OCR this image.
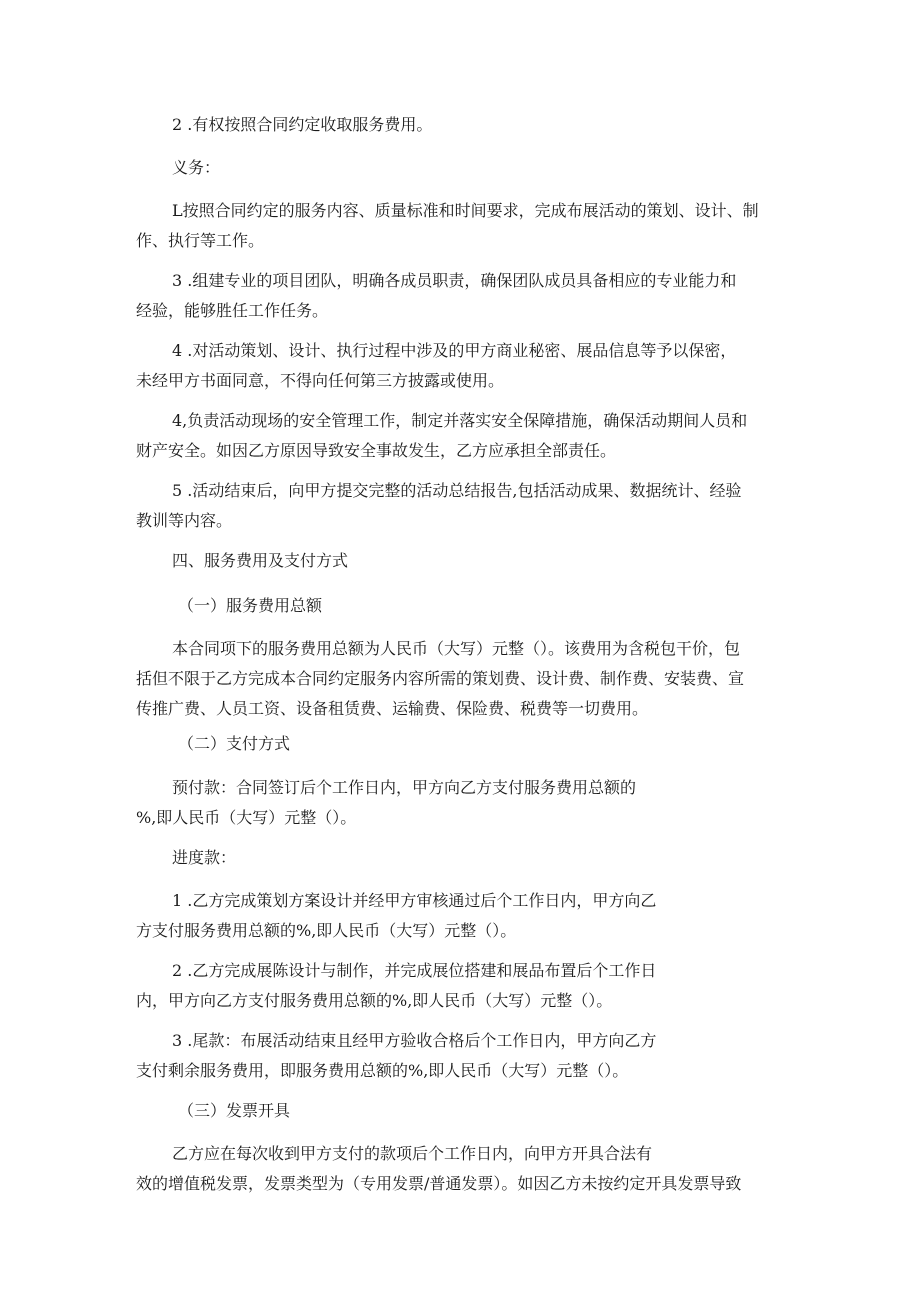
2 .有权按照合同约定收取服务费用。

义务：

L按照合同约定的服务内容、质量标准和时间要求，完成布展活动的策划、设计、制
作、执行等工作。

3 .组建专业的项目团队，明确各成员职责，确保团队成员具备相应的专业能力和
经验，能够胜任工作任务。

4 .对活动策划、设计、执行过程中涉及的甲方商业秘密、展品信息等予以保密，
未经甲方书面同意，不得向任何第三方披露或使用。

4,负责活动现场的安全管理工作，制定并落实安全保障措施，确保活动期间人员和
财产安全。如因乙方原因导致安全事故发生，乙方应承担全部责任。

5 .活动结束后，向甲方提交完整的活动总结报告,包括活动成果、数据统计、经验
教训等内容。

四、服务费用及支付方式

（一）服务费用总额

本合同项下的服务费用总额为人民币（大写）元整（）。该费用为含税包干价，包
括但不限于乙方完成本合同约定服务内容所需的策划费、设计费、制作费、安装费、宣
传推广费、人员工资、设备租赁费、运输费、保险费、税费等一切费用。

（二）支付方式

预付款：合同签订后个工作日内，甲方向乙方支付服务费用总额的
%,即人民币（大写）元整（）。

进度款：

1 .乙方完成策划方案设计并经甲方审核通过后个工作日内，甲方向乙
方支付服务费用总额的%,即人民币（大写）元整（）。

2 .乙方完成展陈设计与制作，并完成展位搭建和展品布置后个工作日
内，甲方向乙方支付服务费用总额的%,即人民币（大写）元整（）。

3 .尾款：布展活动结束且经甲方验收合格后个工作日内，甲方向乙方
支付剩余服务费用，即服务费用总额的%,即人民币（大写）元整（）。

（三）发票开具

乙方应在每次收到甲方支付的款项后个工作日内，向甲方开具合法有
效的增值税发票，发票类型为（专用发票/普通发票）。如因乙方未按约定开具发票导致
